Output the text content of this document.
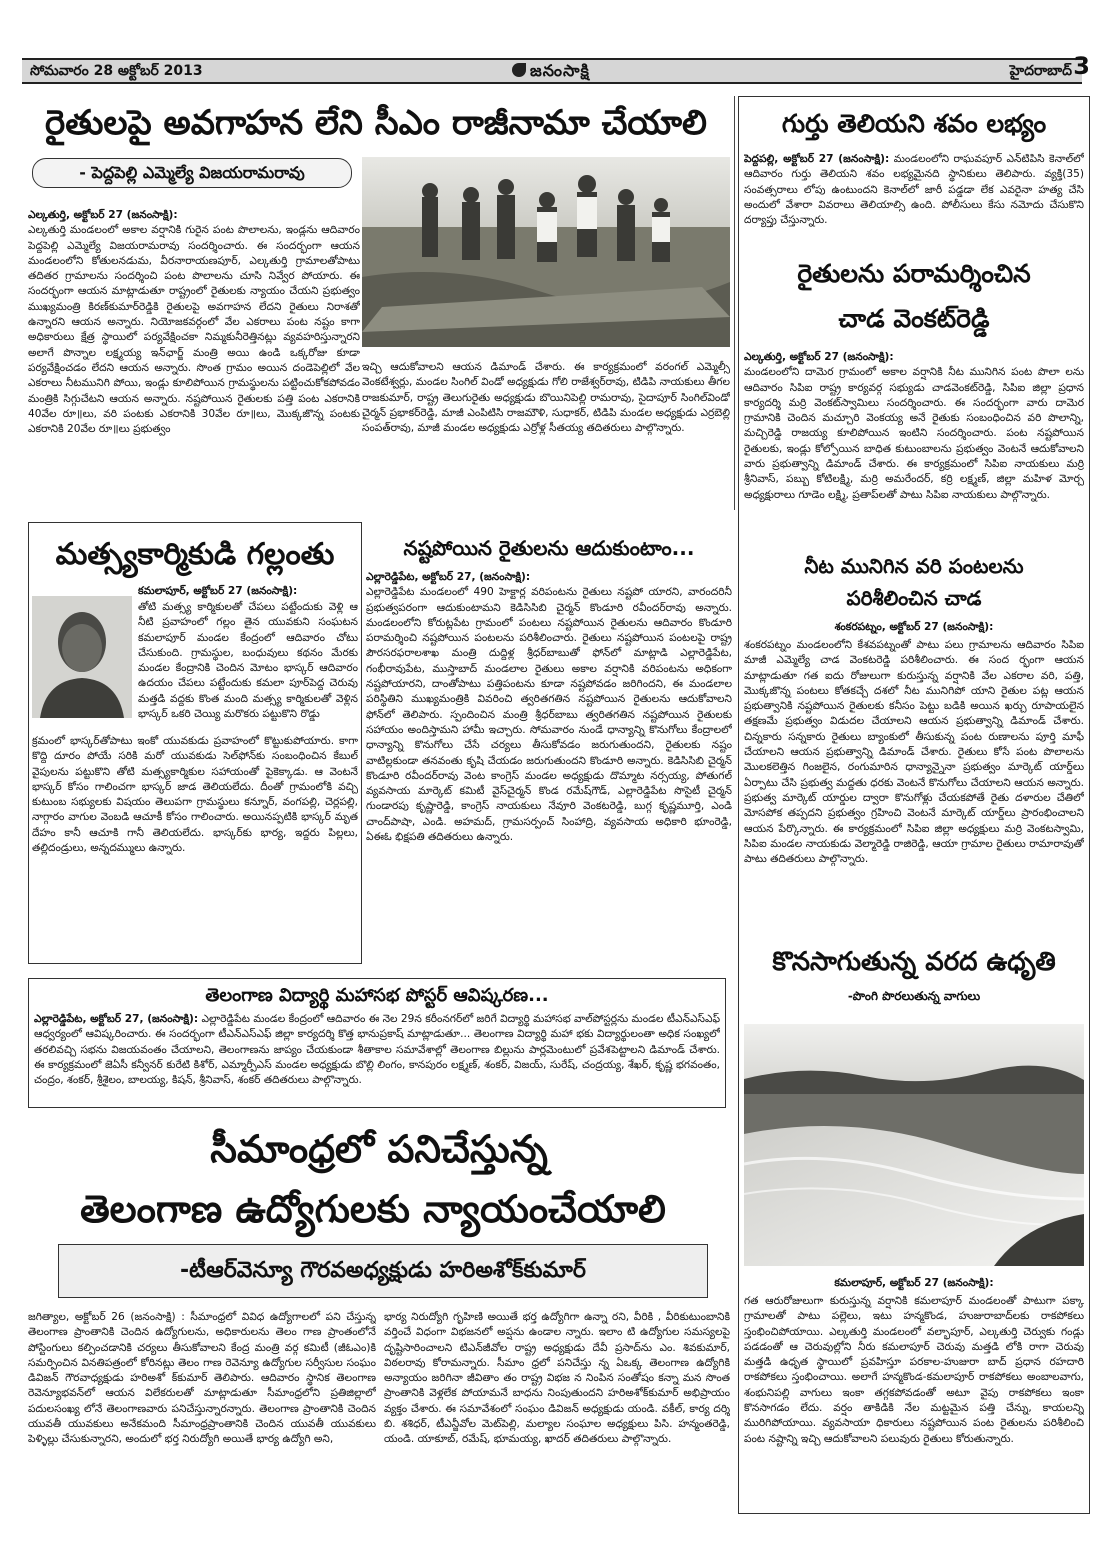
సోమవారం 28 అక్టోబర్ 2013	జనంసాక్షి	హైదరాబాద్ 3
రైతులపై అవగాహన లేని సీఎం రాజీనామా చేయాలి
- పెద్దపెల్లి ఎమ్మెల్యే విజయరామరావు
ఎల్కతుర్తి, అక్టోబర్ 27 (జనంసాక్షి):
ఎల్కతుర్తి మండలంలో అకాల వర్షానికి గురైన పంట పొలాలను, ఇండ్లను ఆదివారం పెద్దపెల్లి ఎమ్మెల్యే విజయరామరావు సందర్శించారు. ఈ సందర్భంగా ఆయన మండలంలోని కోతులనడుమ, వీరనారాయణపూర్, ఎల్కతుర్తి గ్రామాలతోపాటు తదితర గ్రామాలను సందర్శించి పంట పొలాలను చూసి నివ్వేర పోయారు. ఈ సందర్భంగా ఆయన మాట్లాడుతూ రాష్ట్రంలో రైతులకు న్యాయం చేయని ప్రభుత్వం ముఖ్యమంత్రి కిరణ్‌కుమార్‌రెడ్డికి రైతులపై అవగాహన లేదని రైతులు నిరాశతో ఉన్నారని ఆయన అన్నారు. నియోజకవర్గంలో వేల ఎకరాలు పంట నష్టం కాగా అధికారులు క్షేత్ర స్థాయిలో పర్యవేక్షించకా నిమ్మకునీరెత్తినట్లు వ్యవహరిస్తున్నారని అలాగే పొన్నాల లక్ష్మయ్య ఇన్‌ఛార్జ్ మంత్రి అయి ఉండి ఒక్కరోజు కూడా పర్యవేక్షించడం లేదని ఆయన అన్నారు. సొంత గ్రామం అయిన దండెపెల్లిలో వేల ఎకరాలు నీటమునిగి పోయి, ఇండ్లు కూలిపోయిన గ్రామస్థులను పట్టించుకోకపోవడం మంత్రికి సిగ్గుచేటని ఆయన అన్నారు. నష్టపోయిన రైతులకు పత్తి పంట ఎకరానికి 40వేల రూ॥లు, వరి పంటకు ఎకరానికి 30వేల రూ॥లు, మొక్కజొన్న పంటకు ఎకరానికి 20వేల రూ॥లు ప్రభుత్వం
ఇచ్చి ఆదుకోవాలని ఆయన డిమాండ్ చేశారు. ఈ కార్యక్రమంలో వరంగల్ ఎమ్మెల్సీ వెంకటేశ్వర్లు, మండల సింగిల్ విండో అధ్యక్షుడు గోలి రాజేశ్వర్‌రావు, టిడిపి నాయకులు తీగల రాజకుమార్, రాష్ట్ర తెలుగురైతు అధ్యక్షుడు బొయినిపెల్లి రామరావు, సైదాపూర్ సింగిల్‌విండో చైర్మన్ ప్రభాకర్‌రెడ్డి, మాజీ ఎంపిటిసి రాజమౌళి, సుధాకర్, టిడిపి మండల అధ్యక్షుడు ఎర్రబెల్లి సంపత్‌రావు, మాజీ మండల అధ్యక్షుడు ఎర్రోళ్ల సీతయ్య తదితరులు పాల్గొన్నారు.
మత్స్యకార్మికుడి గల్లంతు
కమలాపూర్, అక్టోబర్ 27 (జనంసాక్షి):
తోటి మత్స్య కార్మికులతో చేపలు పట్టేందుకు వెళ్లి ఆ నీటి ప్రవాహంలో గల్లం తైన యువకుని సంఘటన కమలాపూర్ మండల కేంద్రంలో ఆదివారం చోటు చేసుకుంది. గ్రామస్థుల, బంధువులు కథనం మేరకు మండల కేంద్రానికి చెందిన మోటం భాస్కర్ ఆదివారం ఉదయం చేపలు పట్టేందుకు కమలా పూర్‌పెద్ద చెరువు మత్తడి వద్దకు కొంత మంది మత్స్య కార్మికులతో వెళ్లిన భాస్కర్ ఒకరి చెయ్యి మరొకరు పట్టుకొని రొడ్డు
క్రమంలో భాస్కర్‌తోపాటు ఇంకో యువకుడు ప్రవాహంలో కొట్టుకుపోయారు. కాగా కొద్ది దూరం పోయే సరికి మరో యువకుడు సెల్‌ఫోన్‌కు సంబంధించిన కేబుల్ వైపులను పట్టుకొని తోటి మత్స్యకార్మికుల సహాయంతో పైకెక్కాడు. ఆ వెంటనే భాస్కర్ కోసం గాలించగా భాస్కర్ జాడ తెలియలేదు. దీంతో గ్రామంలోకి వచ్చి కుటుంబ సభ్యులకు విషయం తెలుపగా గ్రామస్థులు కన్నూర్, వంగపల్లి, చెర్లపల్లి, నాగ్గారం వాగుల వెంబడి ఆచూకీ కోసం గాలించారు. అయినప్పటికి భాస్కర్ మృత దేహం కానీ ఆచూకి గానీ తెలియలేదు. భాస్కర్‌కు భార్య, ఇద్దరు పిల్లలు, తల్లిదండ్రులు, అన్నదమ్ములు ఉన్నారు.
నష్టపోయిన రైతులను ఆదుకుంటాం...
ఎల్లారెడ్డిపేట, అక్టోబర్ 27, (జనంసాక్షి):
ఎల్లారెడ్డిపేట మండలంలో 490 హెక్టార్ల వరిపంటను రైతులు నష్టపో యారని, వారందరినీ ప్రభుత్వపరంగా ఆదుకుంటామని కెడిసిసిబి చైర్మన్ కొండూరి రవీందర్‌రావు అన్నారు. మండలంలోని కోరుట్లపేట గ్రామంలో పంటలు నష్టపోయిన రైతులను ఆదివారం కొండూరి పరామర్శించి నష్టపోయిన పంటలను పరిశీలించారు. రైతులు నష్టపోయిన పంటలపై రాష్ట్ర పౌరసరఫరాలశాఖ మంత్రి దుద్దిళ్ల శ్రీధర్‌బాబుతో ఫోన్‌లో మాట్లాడి ఎల్లారెడ్డిపేట, గంభీరావుపేట, ముస్తాబాద్ మండలాల రైతులు అకాల వర్షానికి వరిపంటను అధికంగా నష్టపోయారని, దాంతోపాటు పత్తిపంటను కూడా నష్టపోవడం జరిగిందని, ఈ మండలాల పరిస్థితిని ముఖ్యమంత్రికి వివరించి త్వరితగతిన నష్టపోయిన రైతులను ఆదుకోవాలని ఫోన్‌లో తెలిపారు. స్పందించిన మంత్రి శ్రీధర్‌బాబు త్వరితగతిన నష్టపోయిన రైతులకు సహాయం అందిస్తామని హామీ ఇచ్చారు. సోమవారం నుండే ధాన్యాన్ని కొనుగోలు కేంద్రాలలో ధాన్యాన్ని కొనుగోలు చేసే చర్యలు తీసుకోవడం జరుగుతుందని, రైతులకు నష్టం వాటిల్లకుండా తనవంతు కృషి చేయడం జరుగుతుందని కొండూరి అన్నారు. కెడిసిసిబి చైర్మన్ కొండూరి రవీందర్‌రావు వెంట కాంగ్రెస్ మండల అధ్యక్షుడు దొమ్మాట నర్సయ్య, పోతుగల్ వ్యవసాయ మార్కెట్ కమిటీ వైస్‌చైర్మన్ కొండ రమేష్‌గౌడ్, ఎల్లారెడ్డిపేట సొసైటీ చైర్మన్ గుండారపు కృష్ణారెడ్డి, కాంగ్రెస్ నాయకులు నేవూరి వెంకటరెడ్డి, బుగ్గ కృష్ణమూర్తి, ఎండి చాంద్‌పాషా, ఎండి. అహమద్, గ్రామసర్పంచ్ సింహాద్రి, వ్యవసాయ అధికారి భూంరెడ్డి, ఏఈఓ భిక్షపతి తదితరులు ఉన్నారు.
తెలంగాణ విద్యార్థి మహాసభ పోస్టర్ ఆవిష్కరణ...
ఎల్లారెడ్డిపేట, అక్టోబర్ 27, (జనంసాక్షి): ఎల్లారెడ్డిపేట మండల కేంద్రంలో ఆదివారం ఈ నెల 29న కరీంనగర్‌లో జరిగే విద్యార్థి మహాసభ వాల్‌పోస్టర్లను మండల టీఎన్‌ఎస్‌ఎఫ్ ఆధ్వర్యంలో ఆవిష్కరించారు. ఈ సందర్భంగా టీఎన్‌ఎస్‌ఎఫ్ జిల్లా కార్యదర్శి కొత్త భానుప్రకాష్ మాట్లాడుతూ... తెలంగాణ విద్యార్థి మహా భకు విద్యార్థులంతా అధిక సంఖ్యలో తరలివచ్చి సభను విజయవంతం చేయాలని, తెలంగాణను జాప్యం చేయకుండా శీతాకాల సమావేశాల్లో తెలంగాణ బిల్లును పార్లమెంటులో ప్రవేశపెట్టాలని డిమాండ్ చేశారు. ఈ కార్యక్రమంలో జెఏసీ కన్వీనర్ కురేటి కిశోర్, ఎమ్మార్పీఎస్ మండల అధ్యక్షుడు బొల్లి లింగం, కానపురం లక్ష్మణ్, శంకర్, విజయ్, సురేష్, చంద్రయ్య, శేఖర్, కృష్ణ భగవంతం, చంద్రం, శంకర్, శ్రీశైలం, బాలయ్య, కిషన్, శ్రీనివాస్, శంకర్ తదితరులు పాల్గొన్నారు.
సీమాంధ్రలో పనిచేస్తున్న
తెలంగాణ ఉద్యోగులకు న్యాయంచేయాలి
-టీఆర్‌వెన్యూ గౌరవఅధ్యక్షుడు హరిఅశోక్‌కుమార్
జగిత్యాల, అక్టోబర్ 26 (జనంసాక్షి) : సీమాంధ్రలో వివిధ ఉద్యోగాలలో పని చేస్తున్న తెలంగాణ ప్రాంతానికి చెందిన ఉద్యోగులను, అధికారులను తెలం గాణ ప్రాంతంలోనే పోస్టింగులు కల్పించడానికి చర్యలు తీసుకోవాలని కేంద్ర మంత్రి వర్గ కమిటీ (జీఓఎం)కి సమర్పించిన వినతిపత్రంలో కోరినట్లు తెలం గాణ రెవెన్యూ ఉద్యోగుల సర్వీసుల సంఘం డివిజన్ గౌరవాధ్యక్షుడు హరిఅశో క్‌కుమార్ తెలిపారు. ఆదివారం స్థానిక తెలంగాణ రెవెన్యూభవన్‌లో ఆయన విలేకరులతో మాట్లాడుతూ సీమాంధ్రలోని ప్రతిజిల్లాలో పదులసంఖ్య లోనే తెలంగాణవారు పనిచేస్తున్నారన్నారు. తెలంగాణ ప్రాంతానికి చెందిన యువతీ యువకులు అనేకమంది సీమాంధ్రప్రాంతానికి చెందిన యువతీ యువకులు పెళ్ళిల్లు చేసుకున్నారని, అందులో భర్త నిరుద్యోగి అయితే భార్య ఉద్యోగి అని,
భార్య నిరుద్యోగి గృహిణి అయితే భర్త ఉద్యోగిగా ఉన్నా రని, వీరికి , వీరికుటుంబానికి వర్తించే విధంగా విభజనలో అప్షను ఉండాల న్నారు. ఇలాం టి ఉద్యోగుల సమస్యలపై దృష్టిసారించాలని టిఎన్‌జీవోల రాష్ట్ర అధ్యక్షుడు దేవీ ప్రసాద్‌ను ఎం. శివకుమార్, విఠలరావు కోరామన్నారు. సీమాం ధ్రలో పనిచేస్తు న్న ఏఒక్క తెలంగాణ ఉద్యోగికి అన్యాయం జరిగినా జీవితాం తం రాష్ట్ర విభజ న నింపిన సంతోషం కన్నా మన సొంత ప్రాంతానికి వెళ్లలేక పోయామనే బాధను నింపుతుందని హరిఅశోక్‌కుమార్ అభిప్రాయం వ్యక్తం చేశారు. ఈ సమావేశంలో సంఘం డివిజన్ అధ్యక్షుడు యండి. వకీల్, కార్య దర్శి బి. శశిధర్, టీఎన్జీవోల మెట్‌పెల్లి, మల్యాల సంఘాల అధ్యక్షులు పిసి. హన్మంతరెడ్డి, యండి. యాకూబ్, రమేష్, భూమయ్య, ఖాదర్ తదితరులు పాల్గొన్నారు.
గుర్తు తెలియని శవం లభ్యం
పెద్దపల్లి, అక్టోబర్ 27 (జనంసాక్షి): మండలంలోని రాఘవపూర్ ఎన్‌టిపిసి కెనాల్‌లో ఆదివారం గుర్తు తెలియని శవం లభ్యమైనది స్థానికులు తెలిపారు. వ్యక్తి(35) సంవత్సరాలు లోపు ఉంటుందని కెనాల్‌లో జారీ పడ్డడా లేక ఎవరైనా హత్య చేసి అందులో వేశారా వివరాలు తెలియాల్సి ఉంది. పోలీసులు కేసు నమోదు చేసుకొని దర్యాప్తు చేస్తున్నారు.
రైతులను పరామర్శించిన
చాడ వెంకట్‌రెడ్డి
ఎల్కతుర్తి, అక్టోబర్ 27 (జనంసాక్షి):
మండలంలోని దామెర గ్రామంలో అకాల వర్షానికి నీట మునిగిన పంట పొలా లను ఆదివారం సిపిఐ రాష్ట్ర కార్యవర్గ సభ్యుడు చాడవెంకట్‌రెడ్డి, సిపిఐ జిల్లా ప్రధాన కార్యదర్శి మర్రి వెంకట్‌స్వామిలు సందర్శించారు. ఈ సందర్భంగా వారు దామెర గ్రామానికి చెందిన మచ్చూరి వెంకయ్య అనే రైతుకు సంబంధించిన వరి పొలాన్ని, మచ్చిరెడ్డి రాజయ్య కూలిపోయిన ఇంటిని సందర్శించారు. పంట నష్టపోయిన రైతులకు, ఇండ్లు కోల్పోయిన బాధిత కుటుంబాలను ప్రభుత్వం వెంటనే ఆదుకోవాలని వారు ప్రభుత్వాన్ని డిమాండ్ చేశారు. ఈ కార్యక్రమంలో సిపిఐ నాయకులు మర్రి శ్రీనివాస్, పబ్బు కోటిలక్ష్మి, మర్రి అమరేందర్, కర్రి లక్ష్మణ్, జిల్లా మహిళ మోర్చ అధ్యక్షురాలు గూడెం లక్ష్మి, ప్రతాప్‌లతో పాటు సిపిఐ నాయకులు పాల్గొన్నారు.
నీట మునిగిన వరి పంటలను
పరిశీలించిన చాడ
శంకరపట్నం, అక్టోబర్ 27 (జనంసాక్షి):
శంకరపట్నం మండలంలోని కేశవపట్నంతో పాటు పలు గ్రామాలను ఆదివారం సిపిఐ మాజీ ఎమ్మెల్యే చాడ వెంకటరెడ్డి పరిశీలించారు. ఈ సంద ర్భంగా ఆయన మాట్లాడుతూ గత ఐదు రోజులుగా కురుస్తున్న వర్షానికి వేల ఎకరాల వరి, పత్తి, మొక్కజొన్న పంటలు కోతకచ్చే దశలో నీట మునిగిపో యాని రైతుల పట్ల ఆయన ప్రభుత్వానికి నష్టపోయిన రైతులకు కనీసం పెట్టు బడికి అయిన ఖర్చు రూపాయలైన తక్షణమే ప్రభుత్వం విడుదల చేయాలని ఆయన ప్రభుత్వాన్ని డిమాండ్ చేశారు. చిన్నకారు సన్నకారు రైతులు బ్యాంకులో తీసుకున్న పంట రుణాలను పూర్తి మాఫీ చేయాలని ఆయన ప్రభుత్వాన్ని డిమాండ్ చేశారు. రైతులు కోసే పంట పొలాలను మొలకలెత్తిన గింజలైన, రంగుమారిన ధాన్యాన్నైనా ప్రభుత్వం మార్కెట్ యార్డ్‌లు ఏర్పాటు చేసి ప్రభుత్వ మద్దతు ధరకు వెంటనే కొనుగోలు చేయాలని ఆయన అన్నారు. ప్రభుత్వ మార్కెట్ యార్డుల ద్వారా కొనుగోళ్లు చేయకపోతే రైతు దళారుల చేతిలో మోసపోక తప్పదని ప్రభుత్వం గ్రహించి వెంటనే మార్కెట్ యార్డ్‌లు ప్రారంభించాలని ఆయన పేర్కొన్నారు. ఈ కార్యక్రమంలో సిపిఐ జిల్లా అధ్యక్షులు మర్రి వెంకటస్వామి, సిపిఐ మండల నాయకుడు వెల్మారెడ్డి రాజిరెడ్డి, ఆయా గ్రామాల రైతులు రామారావుతో పాటు తదితరులు పాల్గొన్నారు.
కొనసాగుతున్న వరద ఉధృతి
-పొంగి పొరలుతున్న వాగులు
కమలాపూర్, అక్టోబర్ 27 (జనంసాక్షి):
గత ఆరురోజులుగా కురుస్తున్న వర్షానికి కమలాపూర్ మండలంతో పాటుగా పక్కా గ్రామాలతో పాటు పల్లెలు, ఇటు హన్మకొండ, హుజురాబాద్‌లకు రాకపోకలు స్తంభించిపోయాయి. ఎల్కతుర్తి మండలంలో వల్భాపూర్, ఎల్కతుర్తి చెర్వుకు గండ్లు పడడంతో ఆ చెరువుల్లోని నీరు కమలాపూర్ చెరువు మత్తడి లోకి రాగా చెరువు మత్తడి ఉధృత స్థాయిలో ప్రవహిస్తూ పరకాల-హుజురా బాద్ ప్రధాన రహదారి రాకపోకలు స్తంభించాయి. అలాగే హన్మకొండ-కమలాపూర్ రాకపోకలు అంబాలవాగు, శంభునిపల్లి వాగులు ఇంకా తగ్గకపోవడంతో అటూ వైపు రాకపోకలు ఇంకా కొనసాగడం లేదు. వర్షం తాకిడికి నేల మట్టమైన పత్తి చేన్ను, కాయలన్ని మురిగిపోయాయి. వ్యవసాయా ధికారులు నష్టపోయిన పంట రైతులను పరిశీలించి పంట నష్టాన్ని ఇచ్చి ఆదుకోవాలని పలువురు రైతులు కోరుతున్నారు.
